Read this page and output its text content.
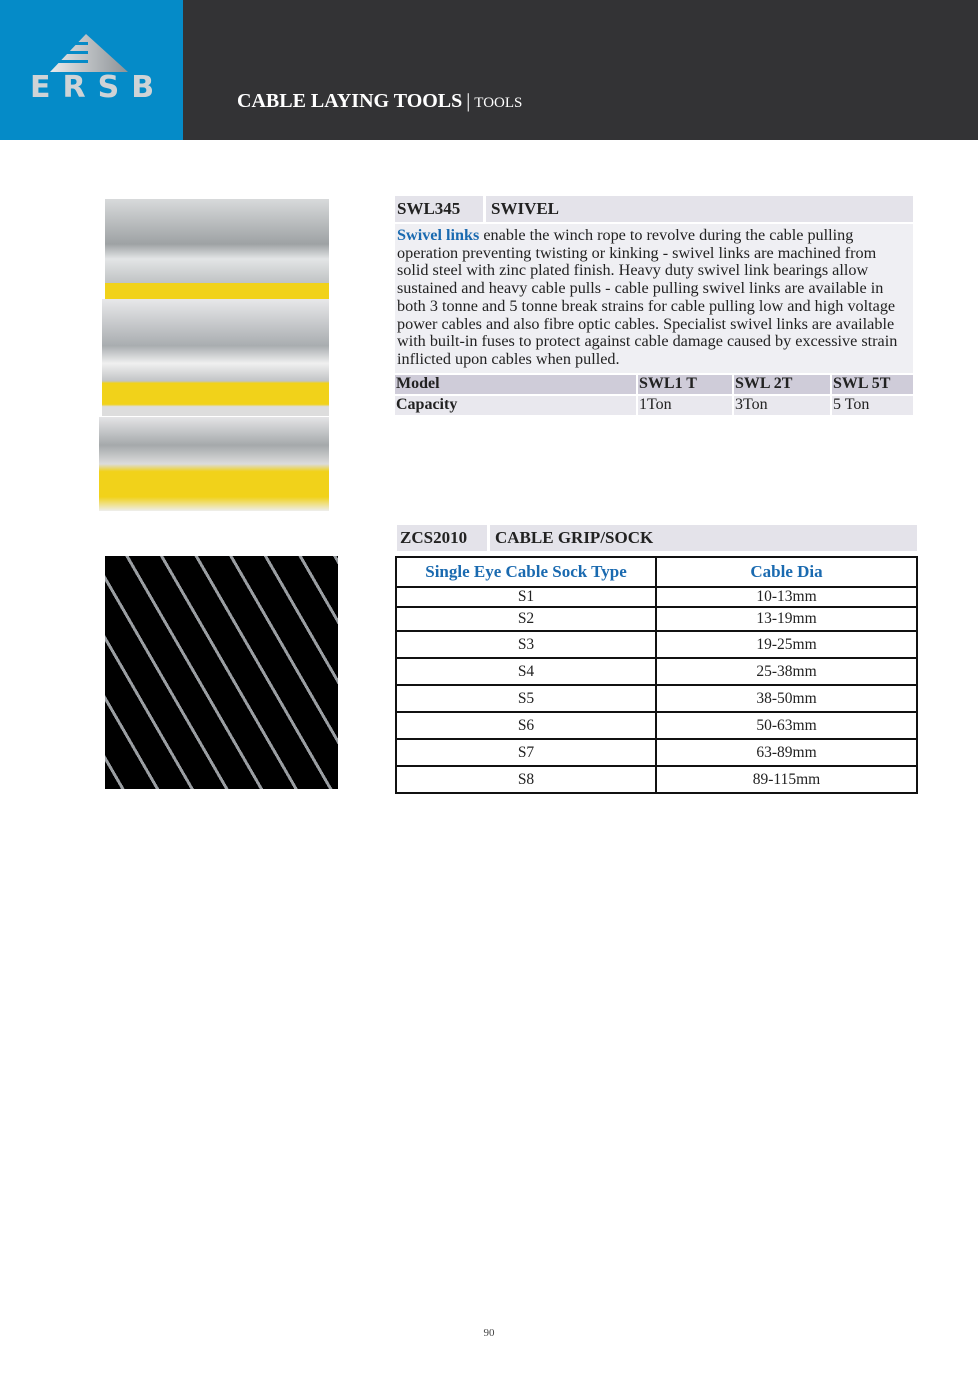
ERSB	CABLE LAYING TOOLS | TOOLS
SWL345	SWIVEL
Swivel links enable the winch rope to revolve during the cable pulling operation preventing twisting or kinking - swivel links are machined from solid steel with zinc plated finish. Heavy duty swivel link bearings allow sustained and heavy cable pulls - cable pulling swivel links are available in both 3 tonne and 5 tonne break strains for cable pulling low and high voltage power cables and also fibre optic cables. Specialist swivel links are available with built-in fuses to protect against cable damage caused by excessive strain inflicted upon cables when pulled.
Model	SWL1 T	SWL 2T	SWL 5T
Capacity	1Ton	3Ton	5 Ton
ZCS2010	CABLE GRIP/SOCK
Single Eye Cable Sock Type	Cable Dia
S1	10-13mm
S2	13-19mm
S3	19-25mm
S4	25-38mm
S5	38-50mm
S6	50-63mm
S7	63-89mm
S8	89-115mm
90
